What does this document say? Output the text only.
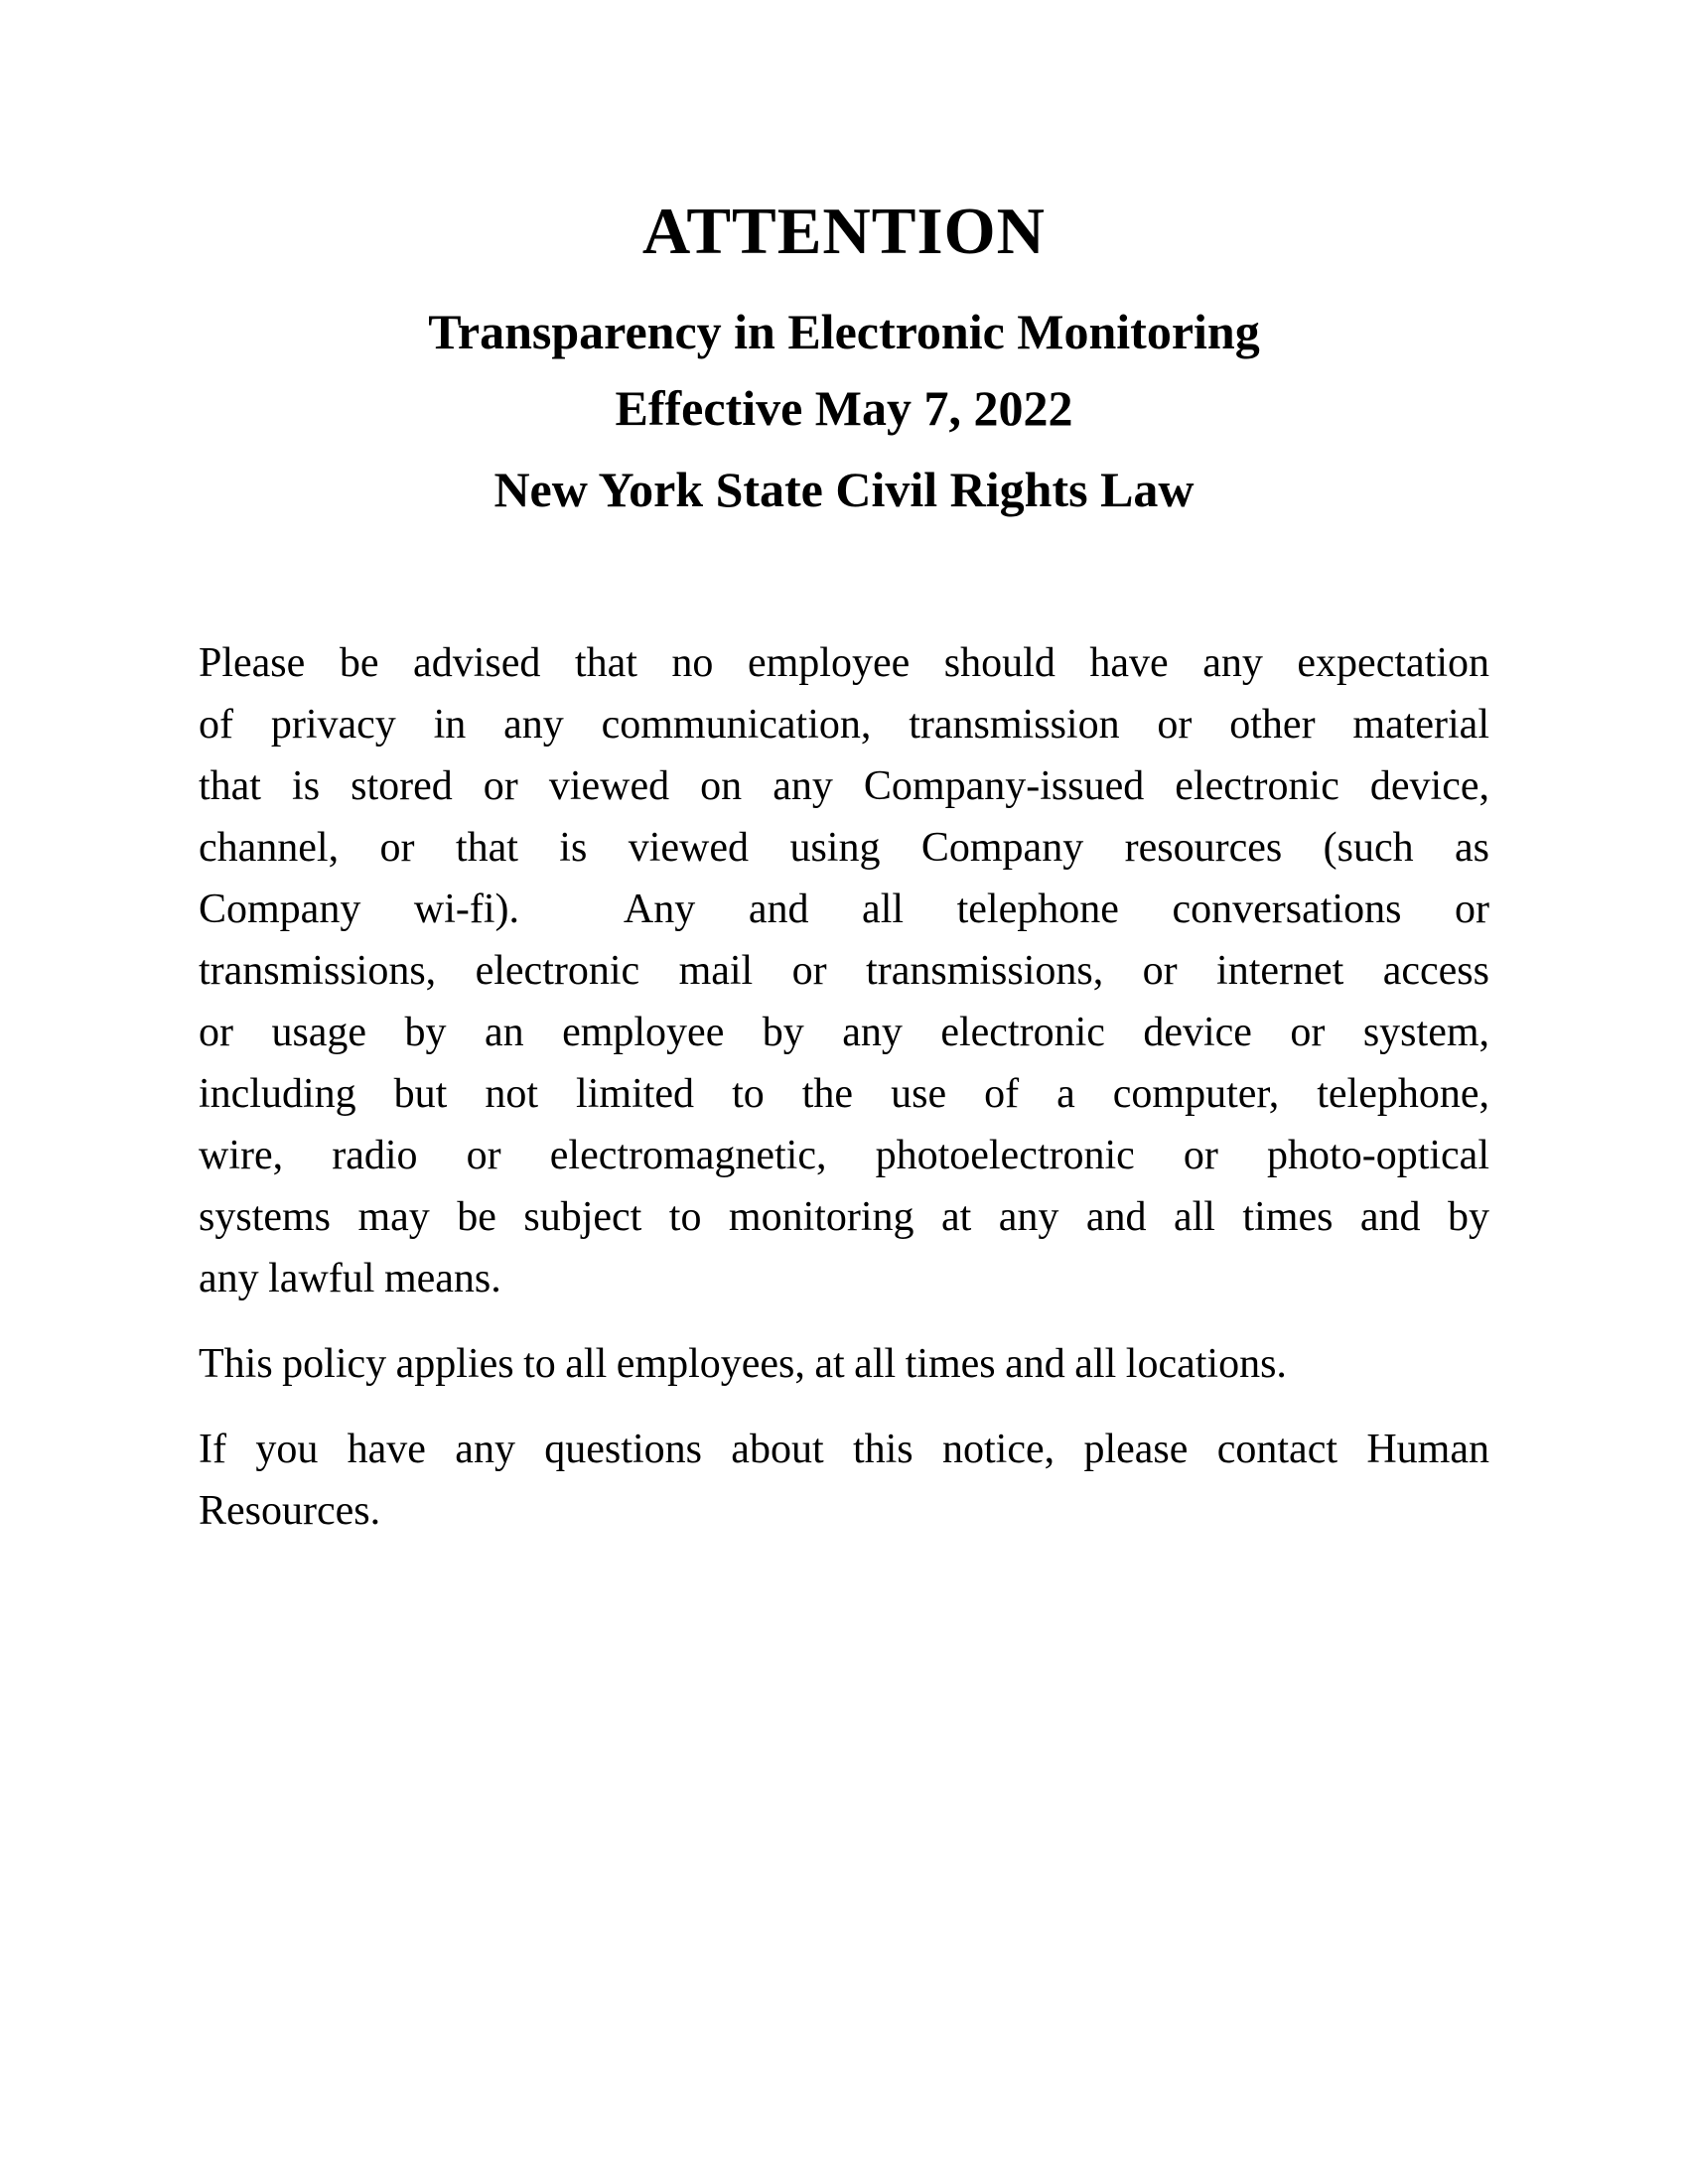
ATTENTION
Transparency in Electronic Monitoring
Effective May 7, 2022
New York State Civil Rights Law

Please be advised that no employee should have any expectation
of privacy in any communication, transmission or other material
that is stored or viewed on any Company-issued electronic device,
channel, or that is viewed using Company resources (such as
Company wi-fi).  Any and all telephone conversations or
transmissions, electronic mail or transmissions, or internet access
or usage by an employee by any electronic device or system,
including but not limited to the use of a computer, telephone,
wire, radio or electromagnetic, photoelectronic or photo-optical
systems may be subject to monitoring at any and all times and by
any lawful means.

This policy applies to all employees, at all times and all locations.

If you have any questions about this notice, please contact Human
Resources.
